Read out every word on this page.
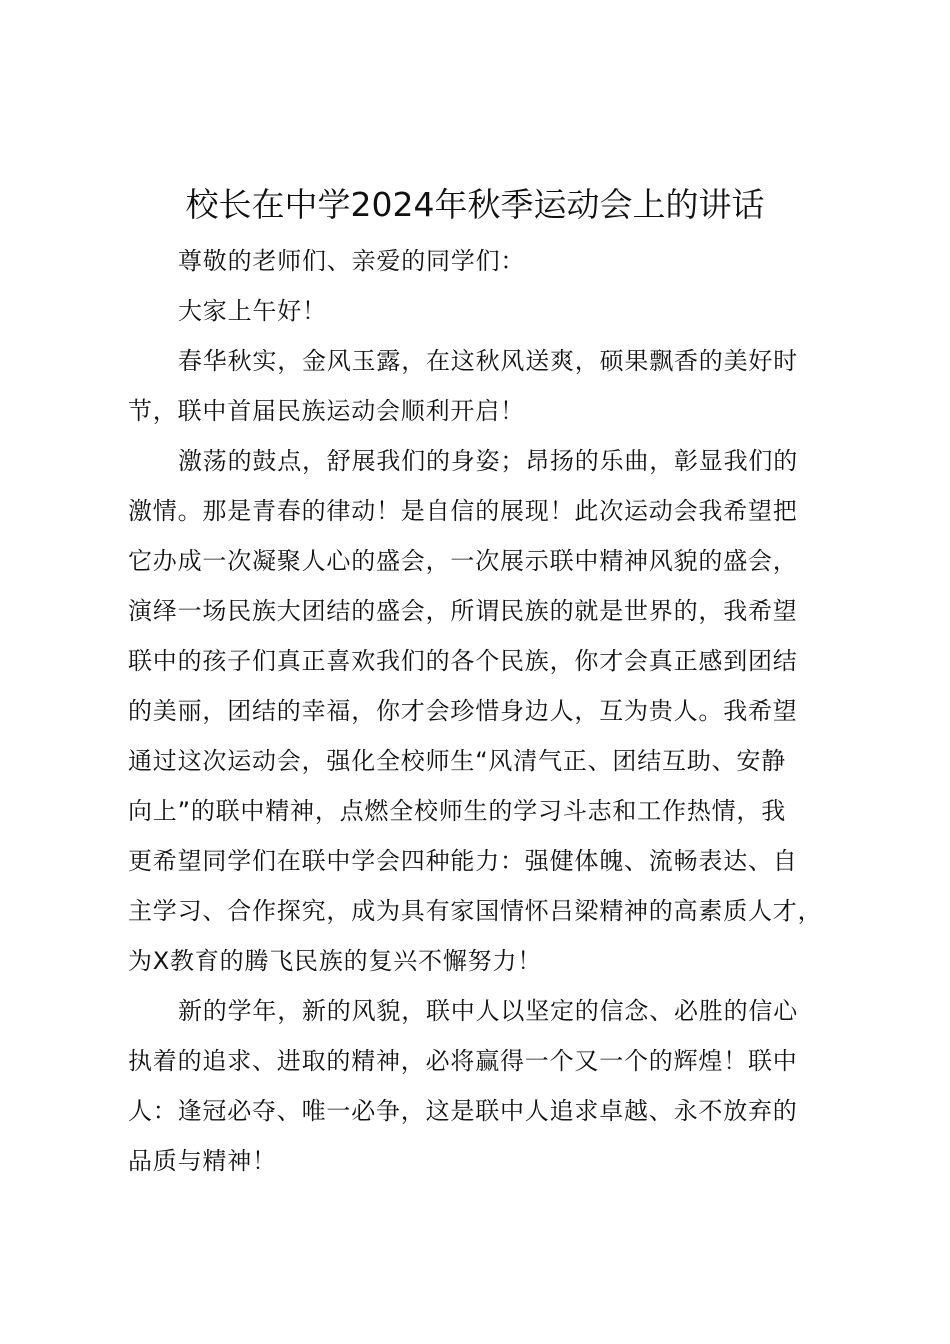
校长在中学2024年秋季运动会上的讲话
尊敬的老师们、亲爱的同学们：
大家上午好！
春华秋实，金风玉露，在这秋风送爽，硕果飘香的美好时
节，联中首届民族运动会顺利开启！
激荡的鼓点，舒展我们的身姿；昂扬的乐曲，彰显我们的
激情。那是青春的律动！是自信的展现！此次运动会我希望把
它办成一次凝聚人心的盛会，一次展示联中精神风貌的盛会，
演绎一场民族大团结的盛会，所谓民族的就是世界的，我希望
联中的孩子们真正喜欢我们的各个民族，你才会真正感到团结
的美丽，团结的幸福，你才会珍惜身边人，互为贵人。我希望
通过这次运动会，强化全校师生“风清气正、团结互助、安静
向上”的联中精神，点燃全校师生的学习斗志和工作热情，我
更希望同学们在联中学会四种能力：强健体魄、流畅表达、自
主学习、合作探究，成为具有家国情怀吕梁精神的高素质人才，
为X教育的腾飞民族的复兴不懈努力！
新的学年，新的风貌，联中人以坚定的信念、必胜的信心
执着的追求、进取的精神，必将赢得一个又一个的辉煌！联中
人：逢冠必夺、唯一必争，这是联中人追求卓越、永不放弃的
品质与精神！
